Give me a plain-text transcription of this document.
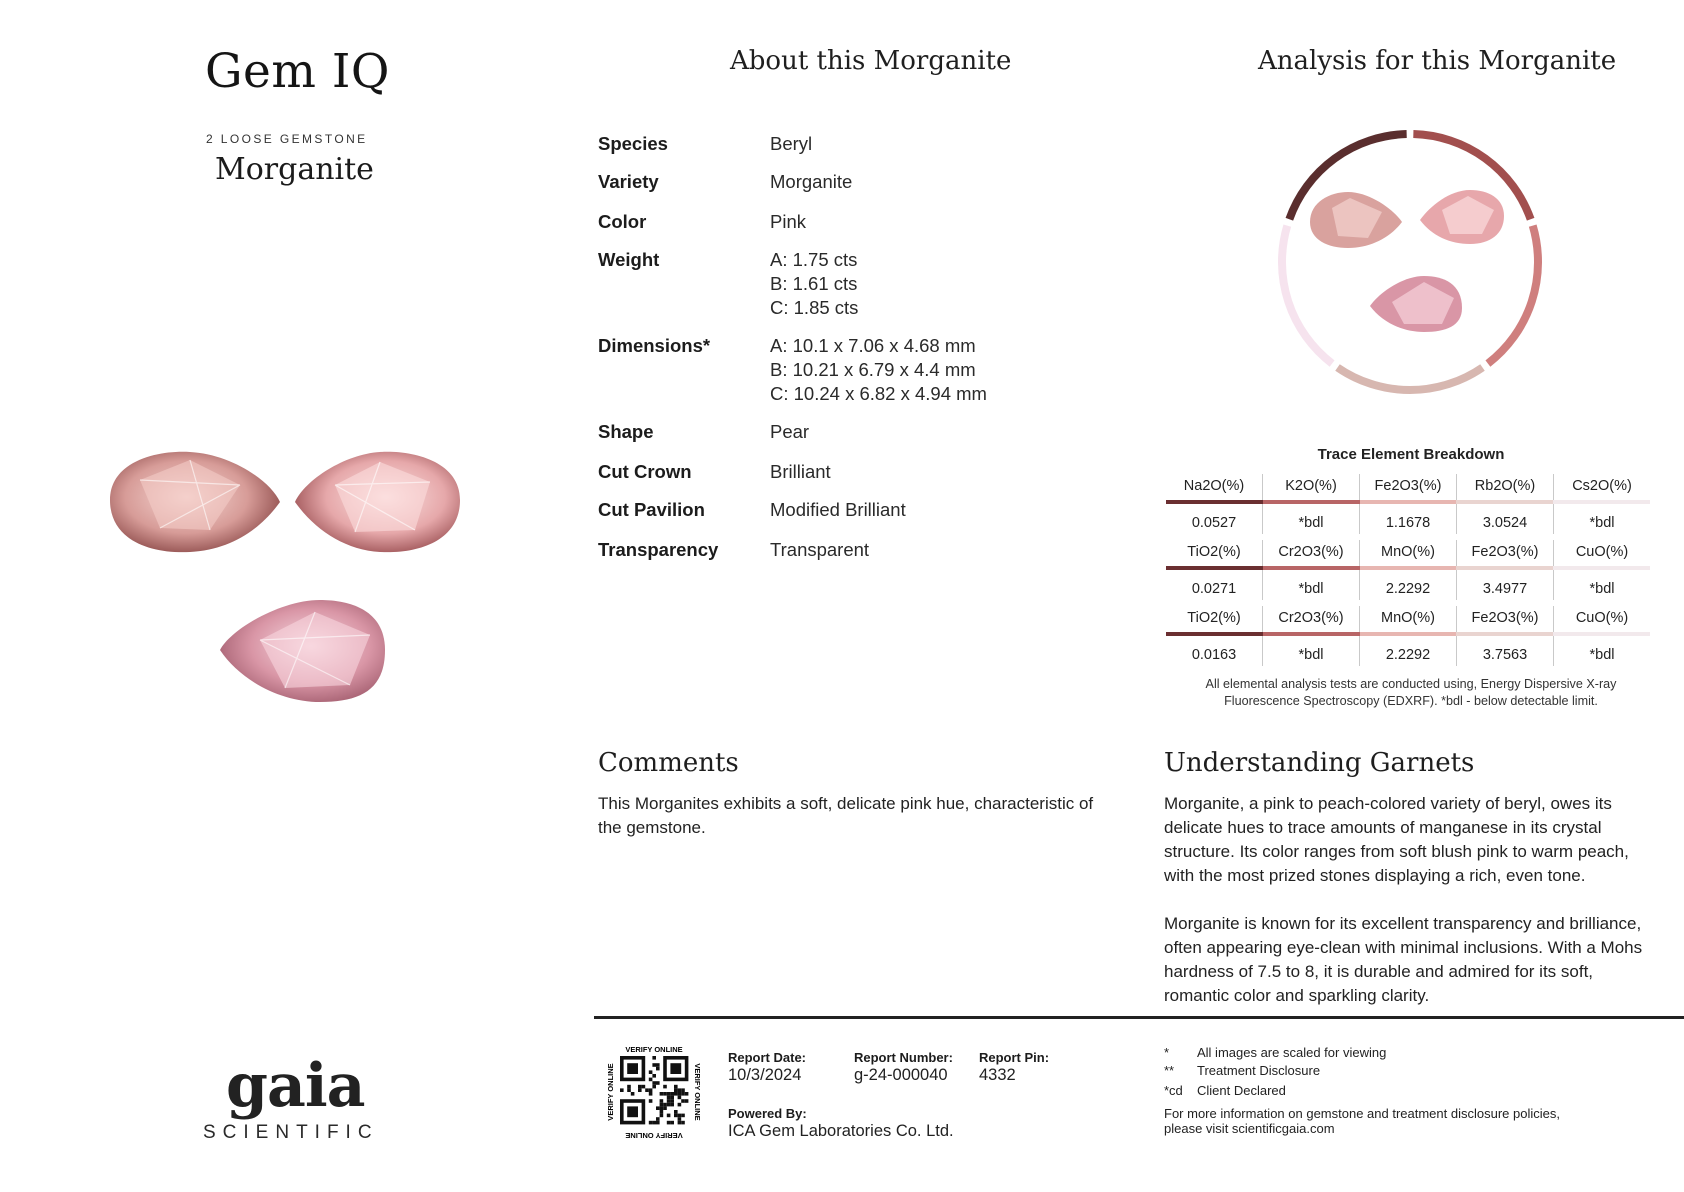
Gem IQ
2 LOOSE GEMSTONE
Morganite
gaia
SCIENTIFIC
About this Morganite
Species	Beryl
Variety	Morganite
Color	Pink
Weight	A: 1.75 cts
B: 1.61 cts
C: 1.85 cts
Dimensions*	A: 10.1 x 7.06 x 4.68 mm
B: 10.21 x 6.79 x 4.4 mm
C: 10.24 x 6.82 x 4.94 mm
Shape	Pear
Cut Crown	Brilliant
Cut Pavilion	Modified Brilliant
Transparency	Transparent
Comments
This Morganites exhibits a soft, delicate pink hue, characteristic of the gemstone.
Analysis for this Morganite
Trace Element Breakdown
Na2O(%)	K2O(%)	Fe2O3(%)	Rb2O(%)	Cs2O(%)
0.0527	*bdl	1.1678	3.0524	*bdl
TiO2(%)	Cr2O3(%)	MnO(%)	Fe2O3(%)	CuO(%)
0.0271	*bdl	2.2292	3.4977	*bdl
TiO2(%)	Cr2O3(%)	MnO(%)	Fe2O3(%)	CuO(%)
0.0163	*bdl	2.2292	3.7563	*bdl
All elemental analysis tests are conducted using, Energy Dispersive X-ray
Fluorescence Spectroscopy (EDXRF). *bdl - below detectable limit.
Understanding Garnets
Morganite, a pink to peach-colored variety of beryl, owes its delicate hues to trace amounts of manganese in its crystal structure. Its color ranges from soft blush pink to warm peach, with the most prized stones displaying a rich, even tone.
Morganite is known for its excellent transparency and brilliance, often appearing eye-clean with minimal inclusions. With a Mohs hardness of 7.5 to 8, it is durable and admired for its soft, romantic color and sparkling clarity.
VERIFY ONLINE
VERIFY ONLINE
VERIFY ONLINE	VERIFY ONLINE
Report Date:
10/3/2024
Report Number:
g-24-000040
Report Pin:
4332
Powered By:
ICA Gem Laboratories Co. Ltd.
* All images are scaled for viewing
** Treatment Disclosure
*cd Client Declared
For more information on gemstone and treatment disclosure policies,
please visit scientificgaia.com
